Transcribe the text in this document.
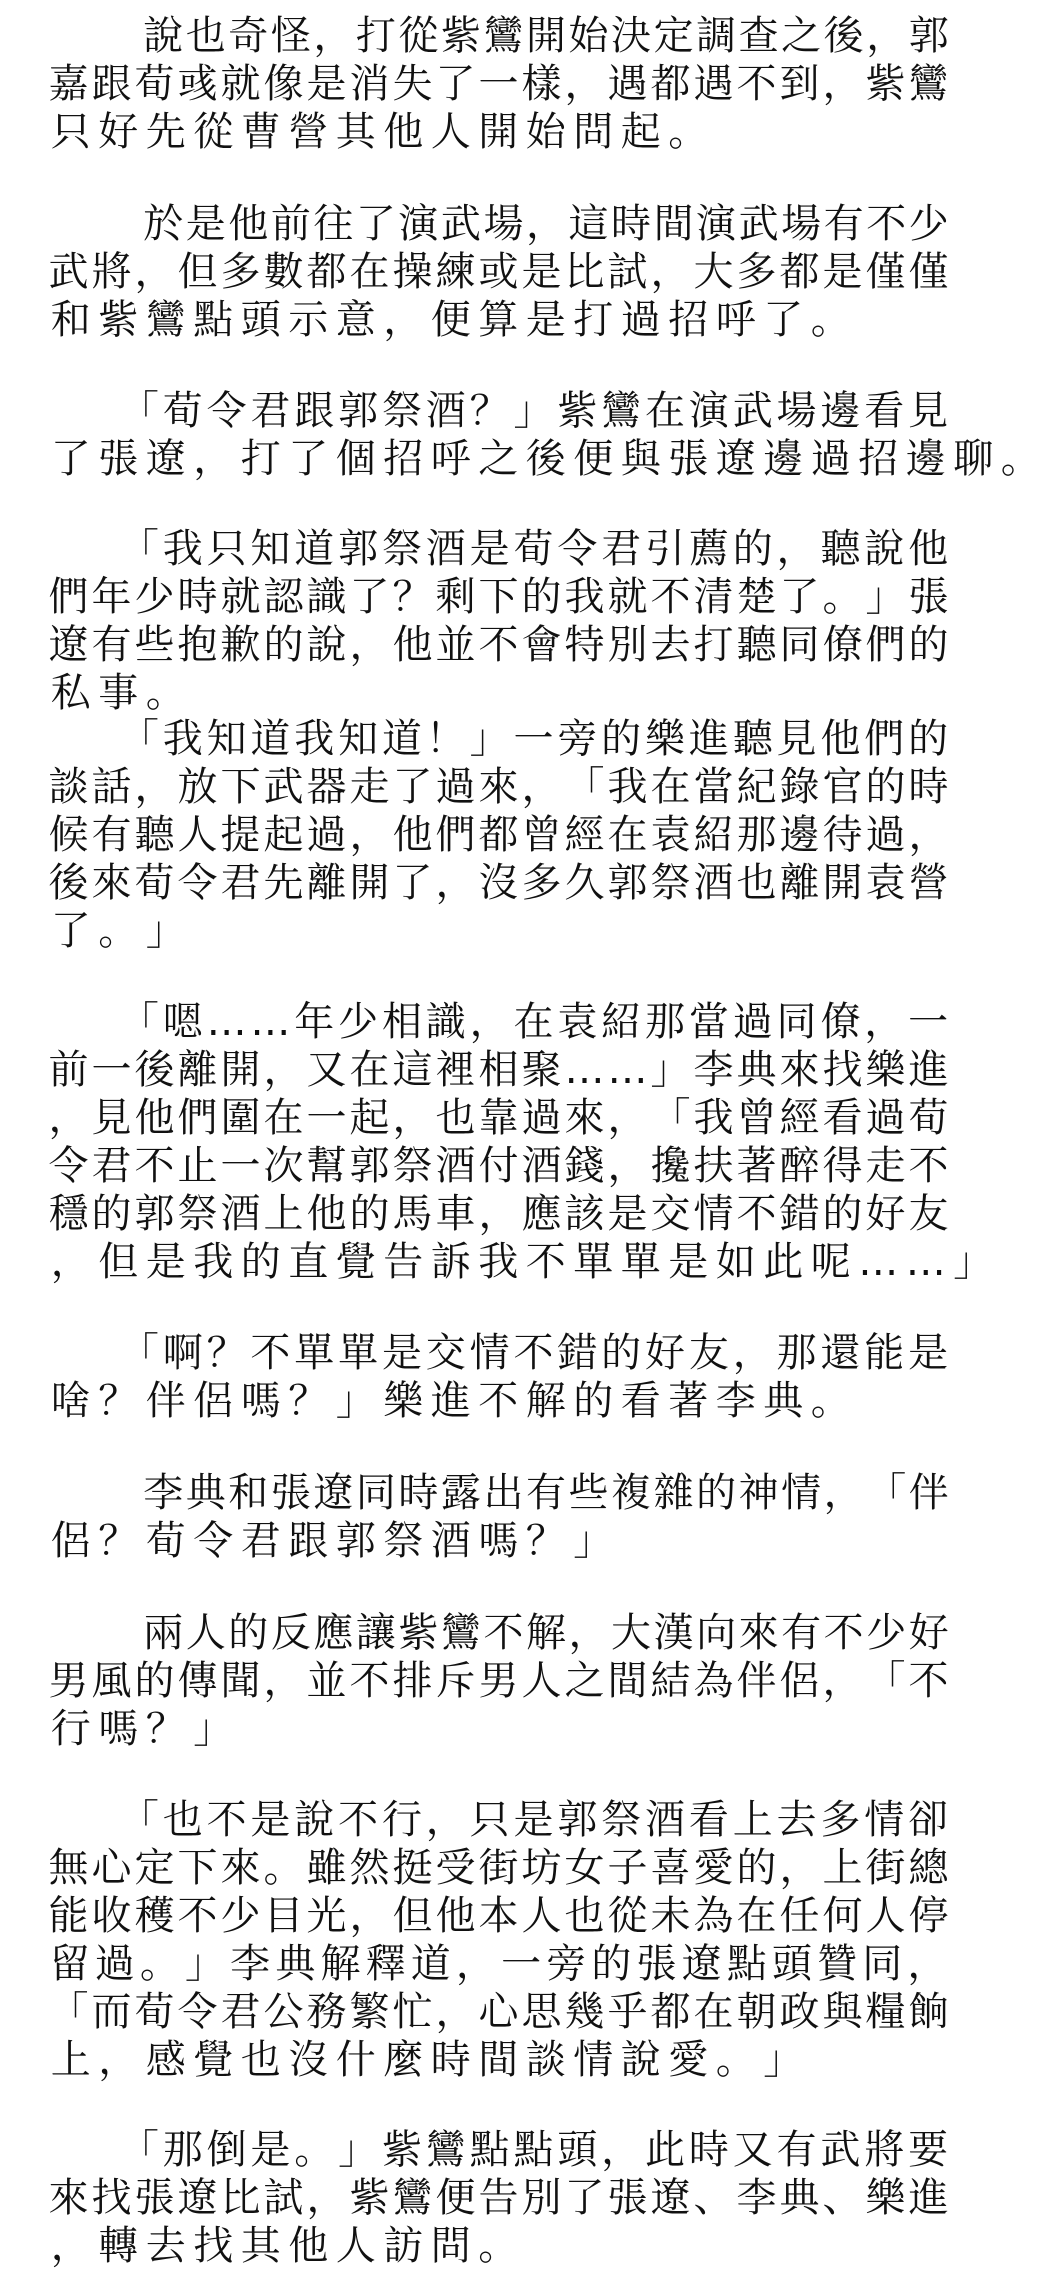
說 也 奇 怪 ， 打 從 紫 鸞 開 始 決 定 調 查 之 後 ， 郭
嘉 跟 荀 彧 就 像 是 消 失 了 一 樣 ， 遇 都 遇 不 到 ， 紫 鸞
只 好 先 從 曹 營 其 他 人 開 始 問 起 。
於 是 他 前 往 了 演 武 場 ， 這 時 間 演 武 場 有 不 少
武 將 ， 但 多 數 都 在 操 練 或 是 比 試 ， 大 多 都 是 僅 僅
和 紫 鸞 點 頭 示 意 ， 便 算 是 打 過 招 呼 了 。
「 荀 令 君 跟 郭 祭 酒 ？ 」 紫 鸞 在 演 武 場 邊 看 見
了 張 遼 ， 打 了 個 招 呼 之 後 便 與 張 遼 邊 過 招 邊 聊 。
「 我 只 知 道 郭 祭 酒 是 荀 令 君 引 薦 的 ， 聽 說 他
們 年 少 時 就 認 識 了 ？ 剩 下 的 我 就 不 清 楚 了 。 」 張
遼 有 些 抱 歉 的 說 ， 他 並 不 會 特 別 去 打 聽 同 僚 們 的
私 事 。
「 我 知 道 我 知 道 ！ 」 一 旁 的 樂 進 聽 見 他 們 的
談 話 ， 放 下 武 器 走 了 過 來 ， 「 我 在 當 紀 錄 官 的 時
候 有 聽 人 提 起 過 ， 他 們 都 曾 經 在 袁 紹 那 邊 待 過 ，
後 來 荀 令 君 先 離 開 了 ， 沒 多 久 郭 祭 酒 也 離 開 袁 營
了 。 」
「 嗯 … … 年 少 相 識 ， 在 袁 紹 那 當 過 同 僚 ， 一
前 一 後 離 開 ， 又 在 這 裡 相 聚 … … 」 李 典 來 找 樂 進
， 見 他 們 圍 在 一 起 ， 也 靠 過 來 ， 「 我 曾 經 看 過 荀
令 君 不 止 一 次 幫 郭 祭 酒 付 酒 錢 ， 攙 扶 著 醉 得 走 不
穩 的 郭 祭 酒 上 他 的 馬 車 ， 應 該 是 交 情 不 錯 的 好 友
， 但 是 我 的 直 覺 告 訴 我 不 單 單 是 如 此 呢 … … 」
「 啊 ？ 不 單 單 是 交 情 不 錯 的 好 友 ， 那 還 能 是
啥 ？ 伴 侶 嗎 ？ 」 樂 進 不 解 的 看 著 李 典 。
李 典 和 張 遼 同 時 露 出 有 些 複 雜 的 神 情 ， 「 伴
侶 ？ 荀 令 君 跟 郭 祭 酒 嗎 ？ 」
兩 人 的 反 應 讓 紫 鸞 不 解 ， 大 漢 向 來 有 不 少 好
男 風 的 傳 聞 ， 並 不 排 斥 男 人 之 間 結 為 伴 侶 ， 「 不
行 嗎 ？ 」
「 也 不 是 說 不 行 ， 只 是 郭 祭 酒 看 上 去 多 情 卻
無 心 定 下 來 。 雖 然 挺 受 街 坊 女 子 喜 愛 的 ， 上 街 總
能 收 穫 不 少 目 光 ， 但 他 本 人 也 從 未 為 在 任 何 人 停
留 過 。 」 李 典 解 釋 道 ， 一 旁 的 張 遼 點 頭 贊 同 ，
「 而 荀 令 君 公 務 繁 忙 ， 心 思 幾 乎 都 在 朝 政 與 糧 餉
上 ， 感 覺 也 沒 什 麼 時 間 談 情 說 愛 。 」
「 那 倒 是 。 」 紫 鸞 點 點 頭 ， 此 時 又 有 武 將 要
來 找 張 遼 比 試 ， 紫 鸞 便 告 別 了 張 遼 、 李 典 、 樂 進
， 轉 去 找 其 他 人 訪 問 。
